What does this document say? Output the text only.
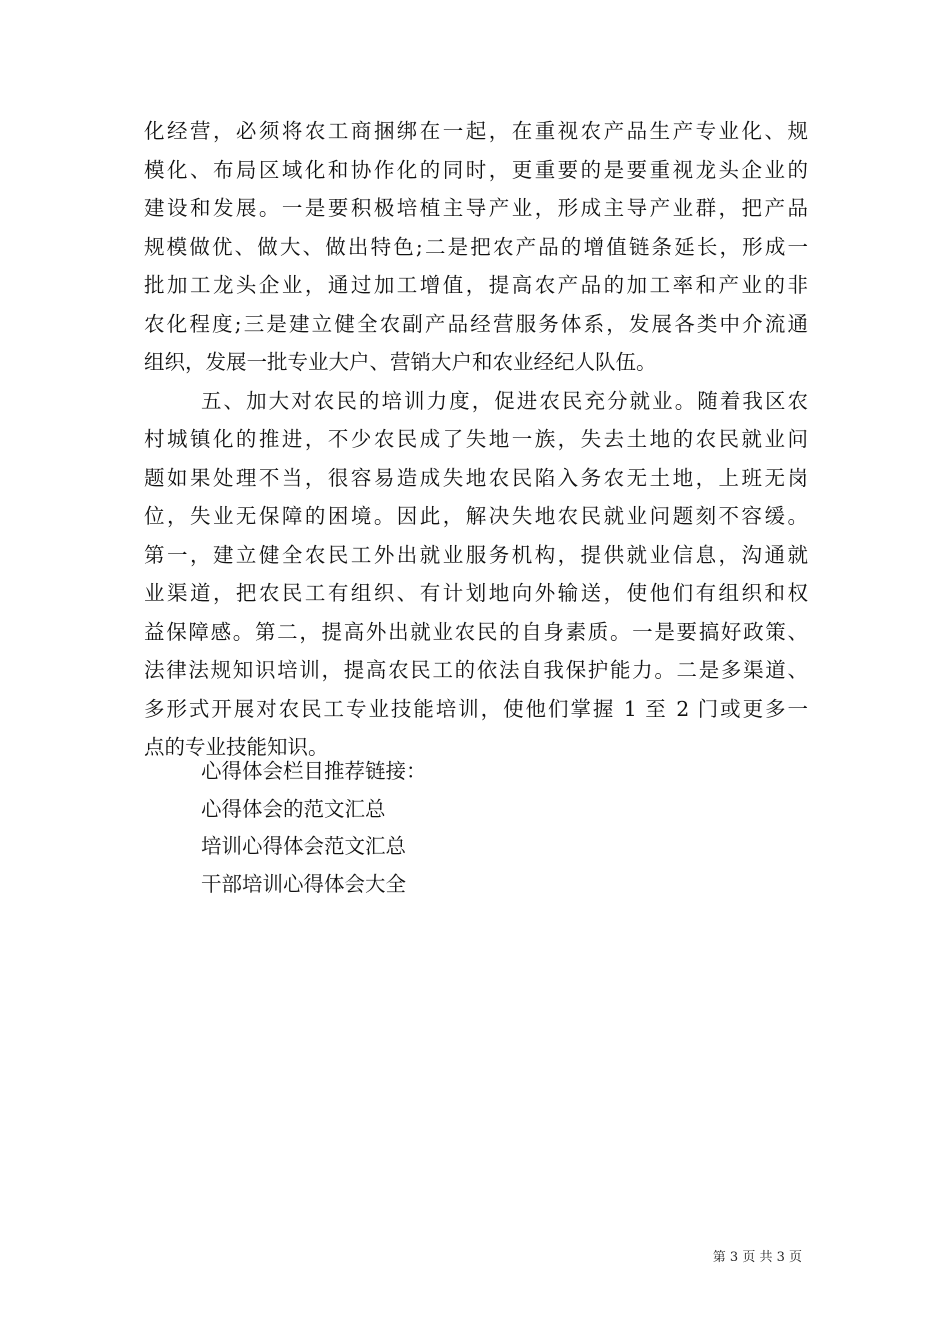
化经营，必须将农工商捆绑在一起，在重视农产品生产专业化、规
模化、布局区域化和协作化的同时，更重要的是要重视龙头企业的
建设和发展。一是要积极培植主导产业，形成主导产业群，把产品
规模做优、做大、做出特色;二是把农产品的增值链条延长，形成一
批加工龙头企业，通过加工增值，提高农产品的加工率和产业的非
农化程度;三是建立健全农副产品经营服务体系，发展各类中介流通
组织，发展一批专业大户、营销大户和农业经纪人队伍。
五、加大对农民的培训力度，促进农民充分就业。随着我区农
村城镇化的推进，不少农民成了失地一族，失去土地的农民就业问
题如果处理不当，很容易造成失地农民陷入务农无土地，上班无岗
位，失业无保障的困境。因此，解决失地农民就业问题刻不容缓。
第一，建立健全农民工外出就业服务机构，提供就业信息，沟通就
业渠道，把农民工有组织、有计划地向外输送，使他们有组织和权
益保障感。第二，提高外出就业农民的自身素质。一是要搞好政策、
法律法规知识培训，提高农民工的依法自我保护能力。二是多渠道、
多形式开展对农民工专业技能培训，使他们掌握 1 至 2 门或更多一
点的专业技能知识。
心得体会栏目推荐链接：
心得体会的范文汇总
培训心得体会范文汇总
干部培训心得体会大全
第 3 页 共 3 页
